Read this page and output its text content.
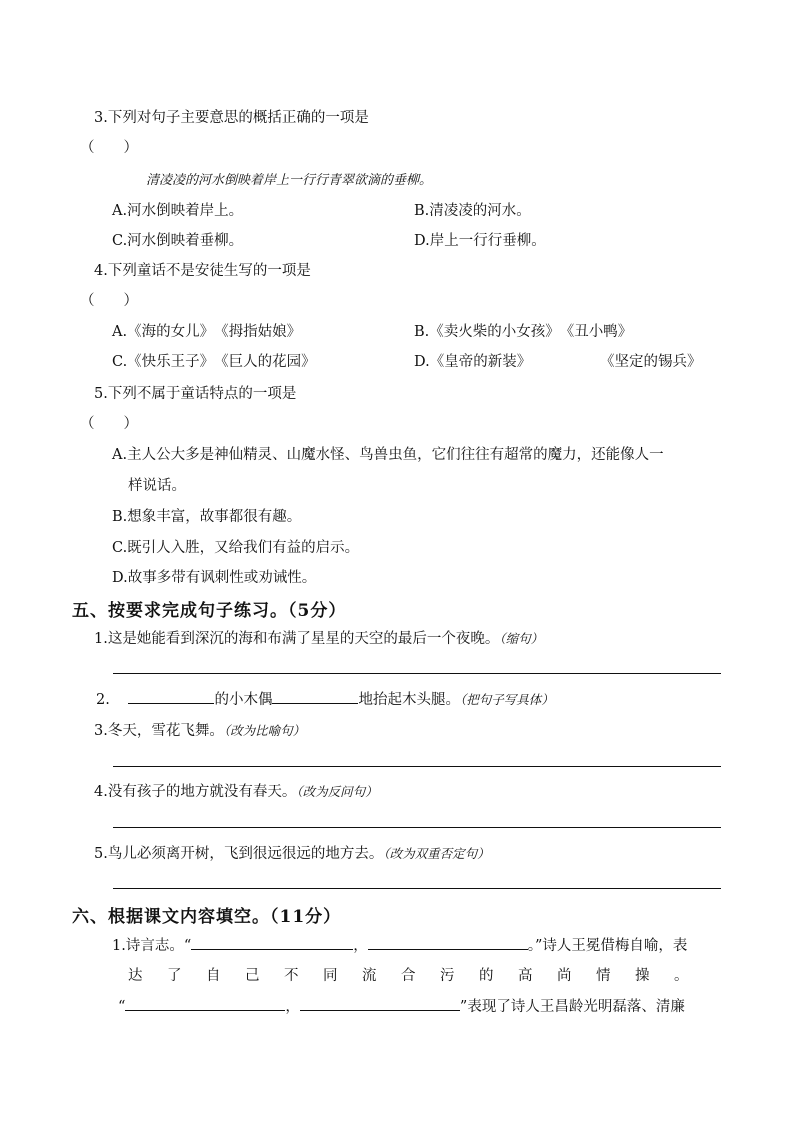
3.下列对句子主要意思的概括正确的一项是
（　　）
清凌凌的河水倒映着岸上一行行青翠欲滴的垂柳。
A.河水倒映着岸上。	B.清凌凌的河水。
C.河水倒映着垂柳。	D.岸上一行行垂柳。
4.下列童话不是安徒生写的一项是
（　　）
A.《海的女儿》　《拇指姑娘》	B.《卖火柴的小女孩》　《丑小鸭》
C.《快乐王子》　《巨人的花园》	D.《皇帝的新装》	《坚定的锡兵》
5.下列不属于童话特点的一项是
（　　）
A.主人公大多是神仙精灵、山魔水怪、鸟兽虫鱼，它们往往有超常的魔力，还能像人一
样说话。
B.想象丰富，故事都很有趣。
C.既引人入胜，又给我们有益的启示。
D.故事多带有讽刺性或劝诫性。
五、按要求完成句子练习。（5分）
1.这是她能看到深沉的海和布满了星星的天空的最后一个夜晚。（缩句）
2.	的小木偶	地抬起木头腿。（把句子写具体）
3.冬天，雪花飞舞。（改为比喻句）
4.没有孩子的地方就没有春天。（改为反问句）
5.鸟儿必须离开树，飞到很远很远的地方去。（改为双重否定句）
六、根据课文内容填空。（11分）
1.诗言志。“	，	。”诗人王冕借梅自喻，表
达了自己不同流合污的高尚情操。
“	，	”表现了诗人王昌龄光明磊落、清廉
